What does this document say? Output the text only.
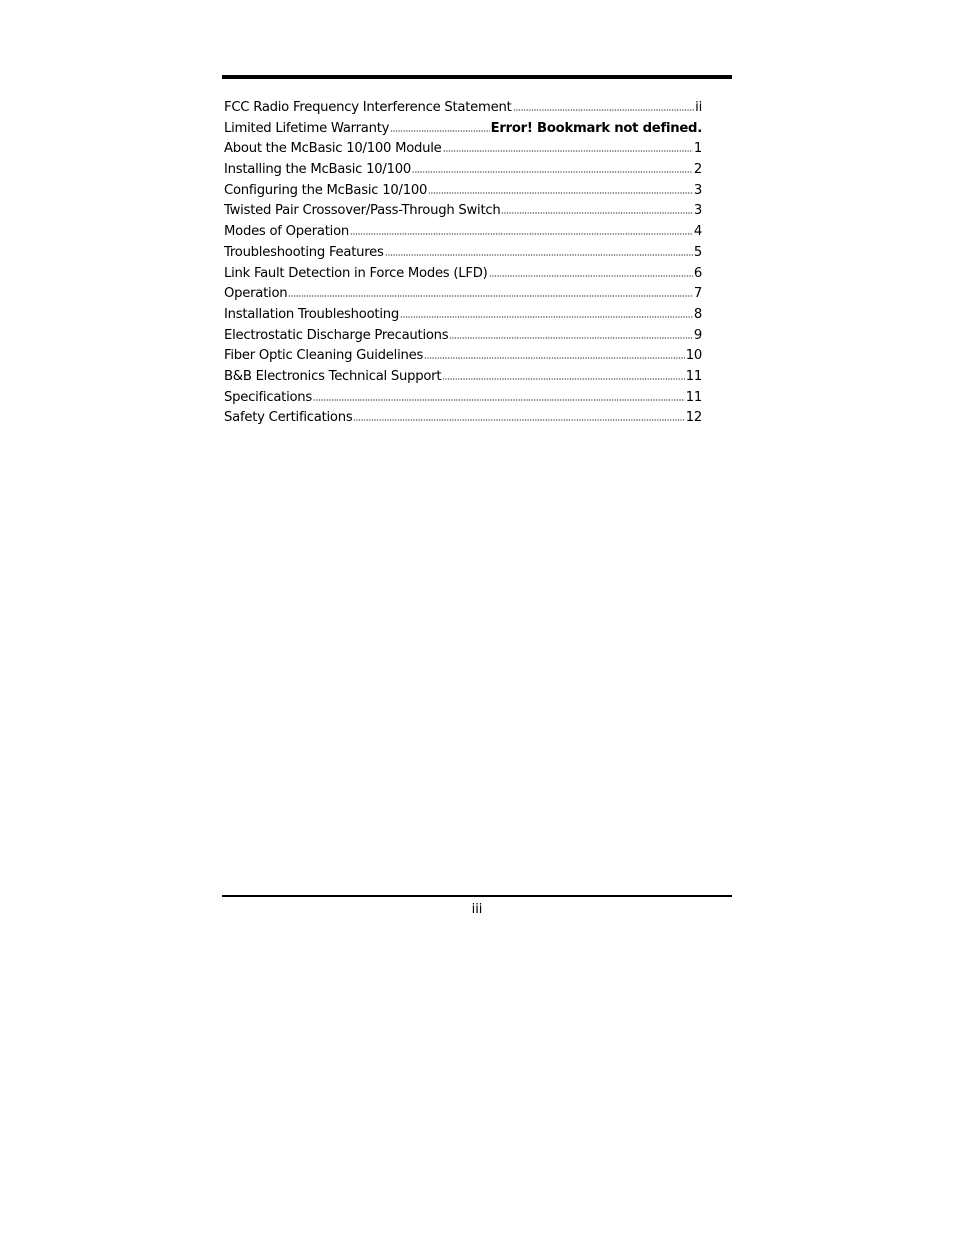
FCC Radio Frequency Interference Statement	ii
Limited Lifetime Warranty	Error! Bookmark not defined.
About the McBasic 10/100 Module	1
Installing the McBasic 10/100	2
Configuring the McBasic 10/100	3
Twisted Pair Crossover/Pass-Through Switch	3
Modes of Operation	4
Troubleshooting Features	5
Link Fault Detection in Force Modes (LFD)	6
Operation	7
Installation Troubleshooting	8
Electrostatic Discharge Precautions	9
Fiber Optic Cleaning Guidelines	10
B&B Electronics Technical Support	11
Specifications	11
Safety Certifications	12
iii
